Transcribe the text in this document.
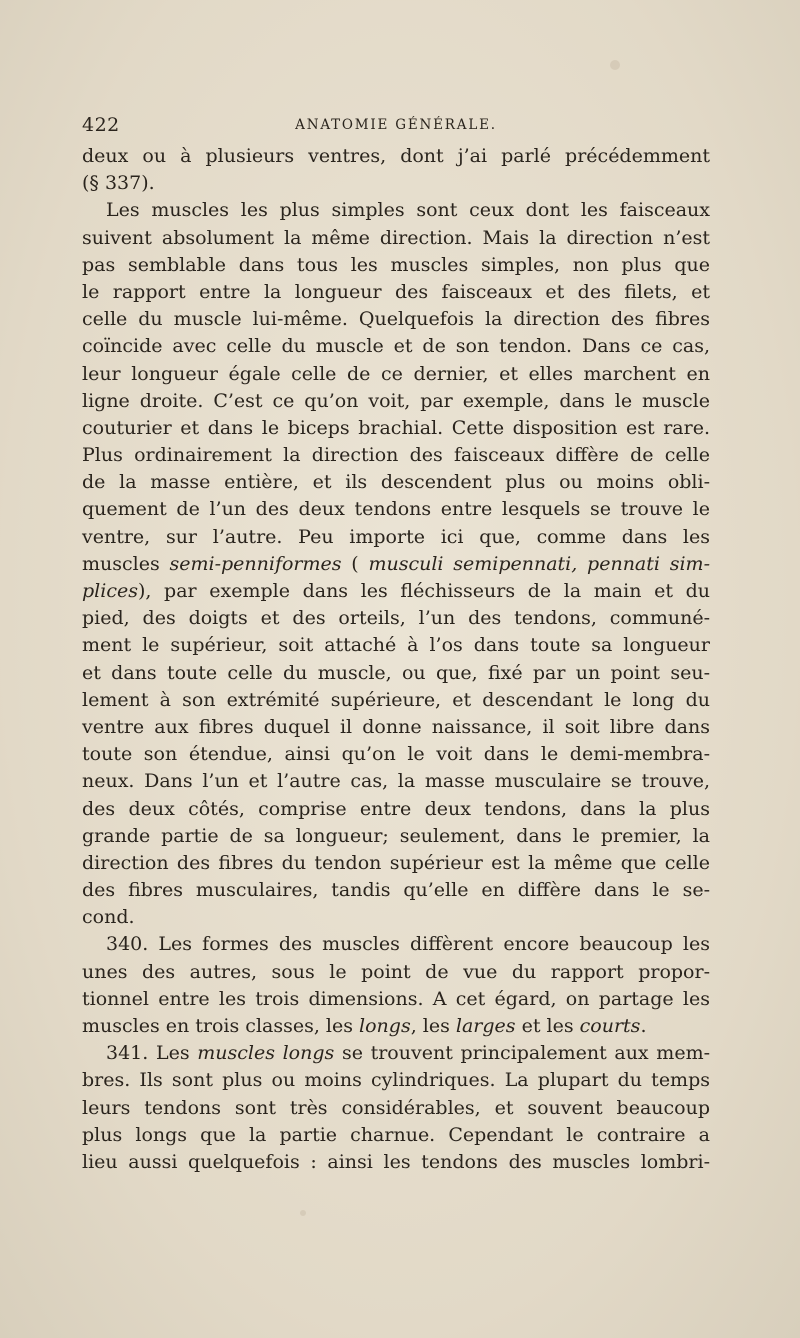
422	ANATOMIE GÉNÉRALE.
deux ou à plusieurs ventres, dont j’ai parlé précédemment
(§ 337).
Les muscles les plus simples sont ceux dont les faisceaux
suivent absolument la même direction. Mais la direction n’est
pas semblable dans tous les muscles simples, non plus que
le rapport entre la longueur des faisceaux et des filets, et
celle du muscle lui-même. Quelquefois la direction des fibres
coïncide avec celle du muscle et de son tendon. Dans ce cas,
leur longueur égale celle de ce dernier, et elles marchent en
ligne droite. C’est ce qu’on voit, par exemple, dans le muscle
couturier et dans le biceps brachial. Cette disposition est rare.
Plus ordinairement la direction des faisceaux diffère de celle
de la masse entière, et ils descendent plus ou moins obli-
quement de l’un des deux tendons entre lesquels se trouve le
ventre, sur l’autre. Peu importe ici que, comme dans les
muscles semi-penniformes ( musculi semipennati, pennati sim-
plices), par exemple dans les fléchisseurs de la main et du
pied, des doigts et des orteils, l’un des tendons, communé-
ment le supérieur, soit attaché à l’os dans toute sa longueur
et dans toute celle du muscle, ou que, fixé par un point seu-
lement à son extrémité supérieure, et descendant le long du
ventre aux fibres duquel il donne naissance, il soit libre dans
toute son étendue, ainsi qu’on le voit dans le demi-membra-
neux. Dans l’un et l’autre cas, la masse musculaire se trouve,
des deux côtés, comprise entre deux tendons, dans la plus
grande partie de sa longueur; seulement, dans le premier, la
direction des fibres du tendon supérieur est la même que celle
des fibres musculaires, tandis qu’elle en diffère dans le se-
cond.
340. Les formes des muscles diffèrent encore beaucoup les
unes des autres, sous le point de vue du rapport propor-
tionnel entre les trois dimensions. A cet égard, on partage les
muscles en trois classes, les longs, les larges et les courts.
341. Les muscles longs se trouvent principalement aux mem-
bres. Ils sont plus ou moins cylindriques. La plupart du temps
leurs tendons sont très considérables, et souvent beaucoup
plus longs que la partie charnue. Cependant le contraire a
lieu aussi quelquefois : ainsi les tendons des muscles lombri-
